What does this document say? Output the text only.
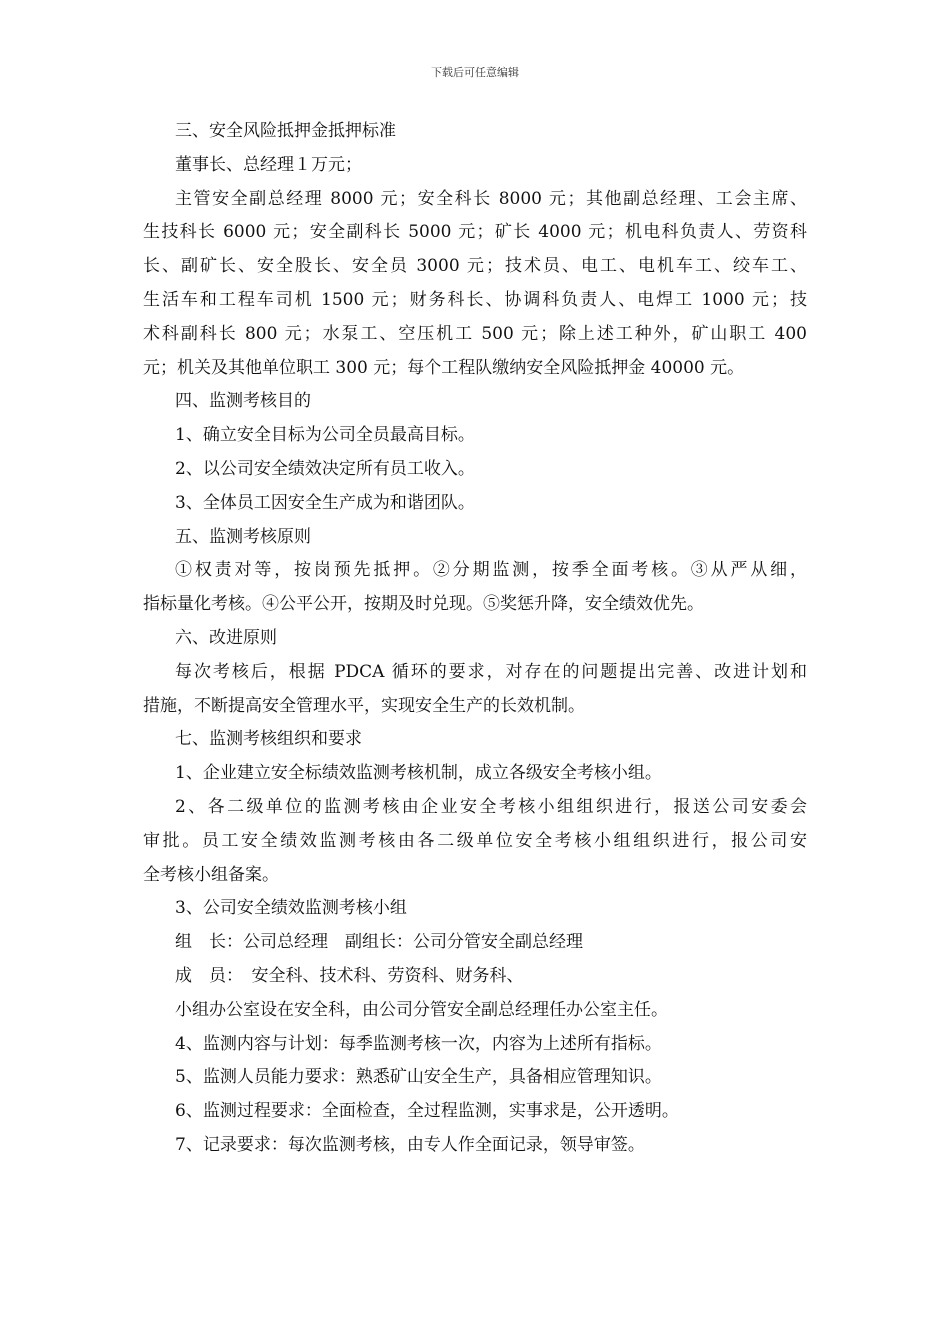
下载后可任意编辑
三、安全风险抵押金抵押标准
董事长、总经理１万元；
主管安全副总经理 8000 元；安全科长 8000 元；其他副总经理、工会主席、
生技科长 6000 元；安全副科长 5000 元；矿长 4000 元；机电科负责人、劳资科
长、副矿长、安全股长、安全员 3000 元；技术员、电工、电机车工、绞车工、
生活车和工程车司机 1500 元；财务科长、协调科负责人、电焊工 1000 元；技
术科副科长 800 元；水泵工、空压机工 500 元；除上述工种外，矿山职工 400
元；机关及其他单位职工 300 元；每个工程队缴纳安全风险抵押金 40000 元。
四、监测考核目的
1、确立安全目标为公司全员最高目标。
2、以公司安全绩效决定所有员工收入。
3、全体员工因安全生产成为和谐团队。
五、监测考核原则
①权责对等，按岗预先抵押。②分期监测，按季全面考核。③从严从细，
指标量化考核。④公平公开，按期及时兑现。⑤奖惩升降，安全绩效优先。
六、改进原则
每次考核后，根据 PDCA 循环的要求，对存在的问题提出完善、改进计划和
措施，不断提高安全管理水平，实现安全生产的长效机制。
七、监测考核组织和要求
1、企业建立安全标绩效监测考核机制，成立各级安全考核小组。
2、各二级单位的监测考核由企业安全考核小组组织进行，报送公司安委会
审批。员工安全绩效监测考核由各二级单位安全考核小组组织进行，报公司安
全考核小组备案。
3、公司安全绩效监测考核小组
组　长：公司总经理　副组长：公司分管安全副总经理
成　员：　安全科、技术科、劳资科、财务科、
小组办公室设在安全科，由公司分管安全副总经理任办公室主任。
4、监测内容与计划：每季监测考核一次，内容为上述所有指标。
5、监测人员能力要求：熟悉矿山安全生产，具备相应管理知识。
6、监测过程要求：全面检查，全过程监测，实事求是，公开透明。
7、记录要求：每次监测考核，由专人作全面记录，领导审签。
